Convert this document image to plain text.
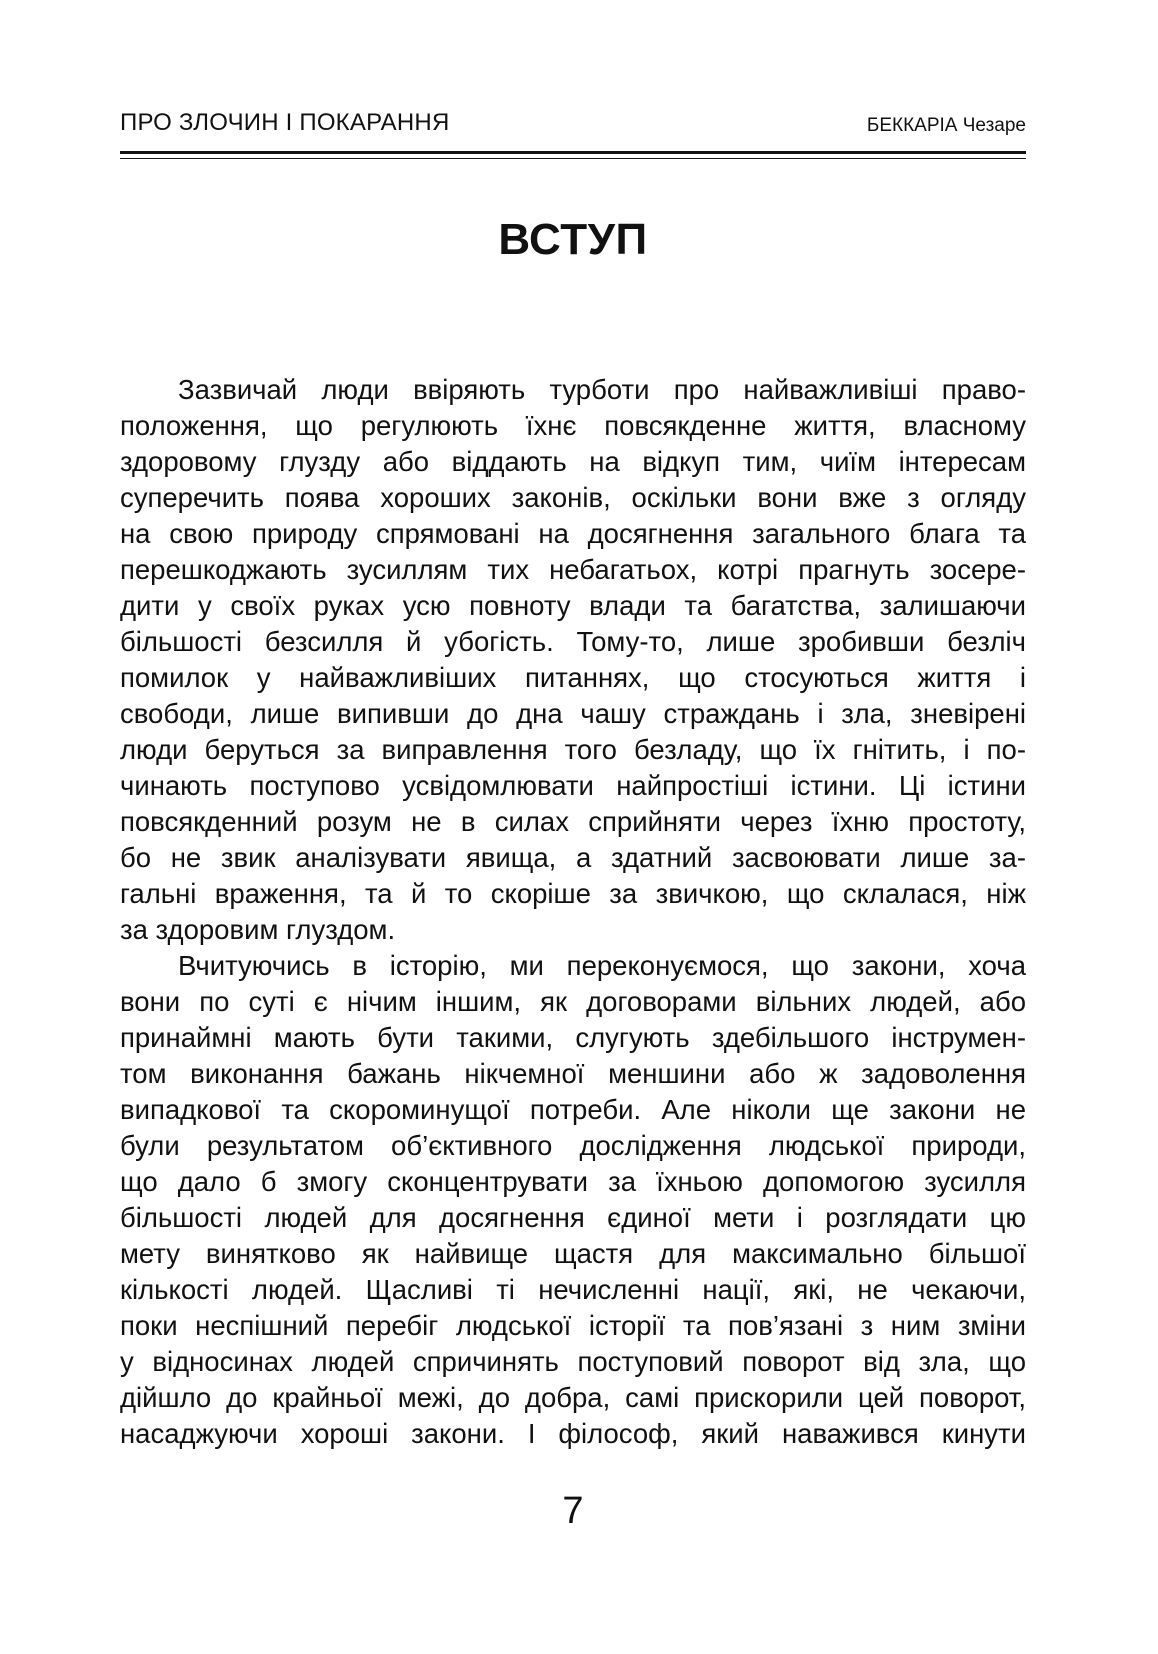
ПРО ЗЛОЧИН І ПОКАРАННЯ	БЕККАРІА Чезаре
ВСТУП
Зазвичай люди ввіряють турботи про найважливіші право-
положення, що регулюють їхнє повсякденне життя, власному
здоровому глузду або віддають на відкуп тим, чиїм інтересам
суперечить поява хороших законів, оскільки вони вже з огляду
на свою природу спрямовані на досягнення загального блага та
перешкоджають зусиллям тих небагатьох, котрі прагнуть зосере-
дити у своїх руках усю повноту влади та багатства, залишаючи
більшості безсилля й убогість. Тому-то, лише зробивши безліч
помилок у найважливіших питаннях, що стосуються життя і
свободи, лише випивши до дна чашу страждань і зла, зневірені
люди беруться за виправлення того безладу, що їх гнітить, і по-
чинають поступово усвідомлювати найпростіші істини. Ці істини
повсякденний розум не в силах сприйняти через їхню простоту,
бо не звик аналізувати явища, а здатний засвоювати лише за-
гальні враження, та й то скоріше за звичкою, що склалася, ніж
за здоровим глуздом.
Вчитуючись в історію, ми переконуємося, що закони, хоча
вони по суті є нічим іншим, як договорами вільних людей, або
принаймні мають бути такими, слугують здебільшого інструмен-
том виконання бажань нікчемної меншини або ж задоволення
випадкової та скороминущої потреби. Але ніколи ще закони не
були результатом об’єктивного дослідження людської природи,
що дало б змогу сконцентрувати за їхньою допомогою зусилля
більшості людей для досягнення єдиної мети і розглядати цю
мету винятково як найвище щастя для максимально більшої
кількості людей. Щасливі ті нечисленні нації, які, не чекаючи,
поки неспішний перебіг людської історії та пов’язані з ним зміни
у відносинах людей спричинять поступовий поворот від зла, що
дійшло до крайньої межі, до добра, самі прискорили цей поворот,
насаджуючи хороші закони. І філософ, який наважився кинути
7
